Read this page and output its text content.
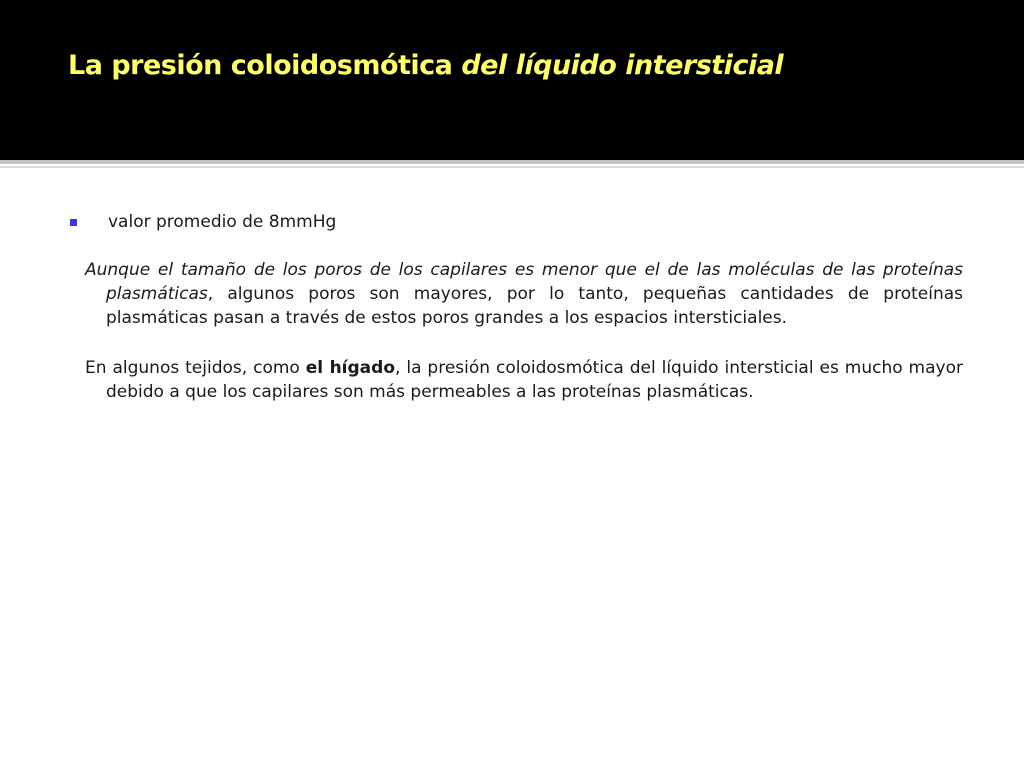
La presión coloidosmótica del líquido intersticial
valor promedio de 8mmHg

Aunque el tamaño de los poros de los capilares es menor que el de las moléculas de las proteínas plasmáticas, algunos poros son mayores, por lo tanto, pequeñas cantidades de proteínas plasmáticas pasan a través de estos poros grandes a los espacios intersticiales.

En algunos tejidos, como el hígado, la presión coloidosmótica del líquido intersticial es mucho mayor debido a que los capilares son más permeables a las proteínas plasmáticas.
